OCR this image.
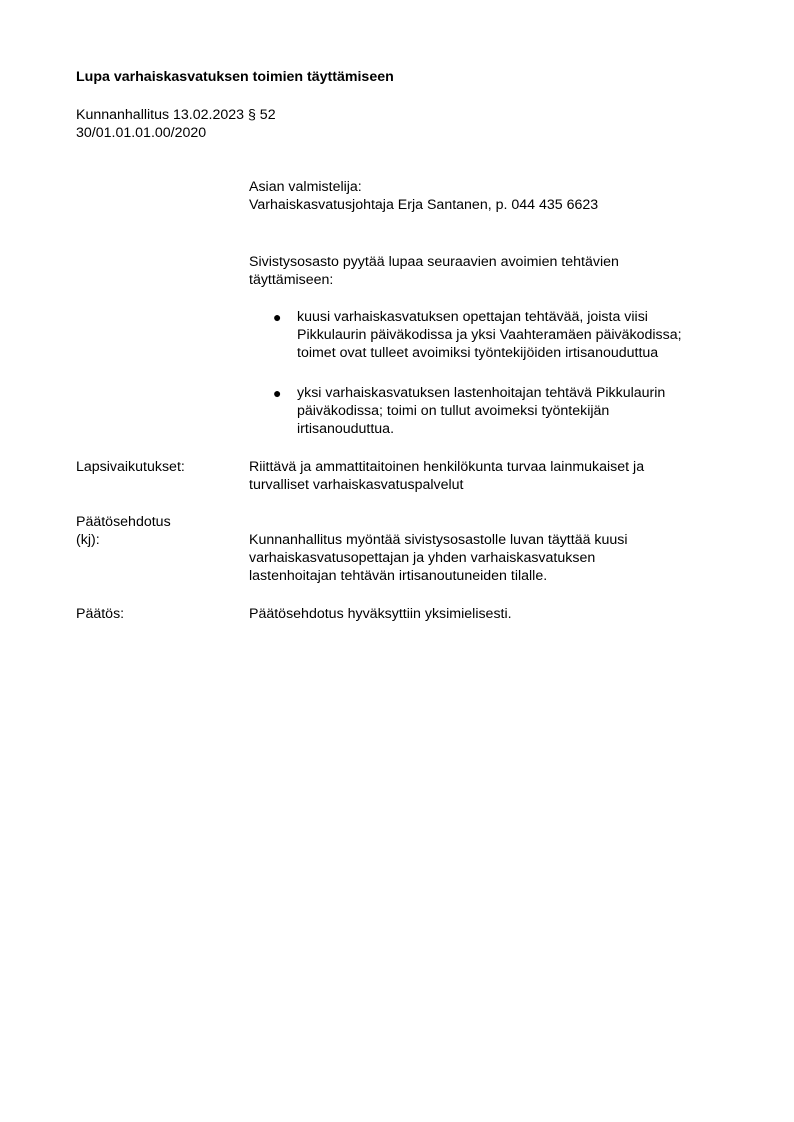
Lupa varhaiskasvatuksen toimien täyttämiseen
Kunnanhallitus 13.02.2023 § 52
30/01.01.01.00/2020
Asian valmistelija:
Varhaiskasvatusjohtaja Erja Santanen, p. 044 435 6623
Sivistysosasto pyytää lupaa seuraavien avoimien tehtävien
täyttämiseen:
● kuusi varhaiskasvatuksen opettajan tehtävää, joista viisi
Pikkulaurin päiväkodissa ja yksi Vaahteramäen päiväkodissa;
toimet ovat tulleet avoimiksi työntekijöiden irtisanouduttua
● yksi varhaiskasvatuksen lastenhoitajan tehtävä Pikkulaurin
päiväkodissa; toimi on tullut avoimeksi työntekijän
irtisanouduttua.
Lapsivaikutukset:	Riittävä ja ammattitaitoinen henkilökunta turvaa lainmukaiset ja
turvalliset varhaiskasvatuspalvelut
Päätösehdotus
(kj):	Kunnanhallitus myöntää sivistysosastolle luvan täyttää kuusi
varhaiskasvatusopettajan ja yhden varhaiskasvatuksen
lastenhoitajan tehtävän irtisanoutuneiden tilalle.
Päätös:	Päätösehdotus hyväksyttiin yksimielisesti.
